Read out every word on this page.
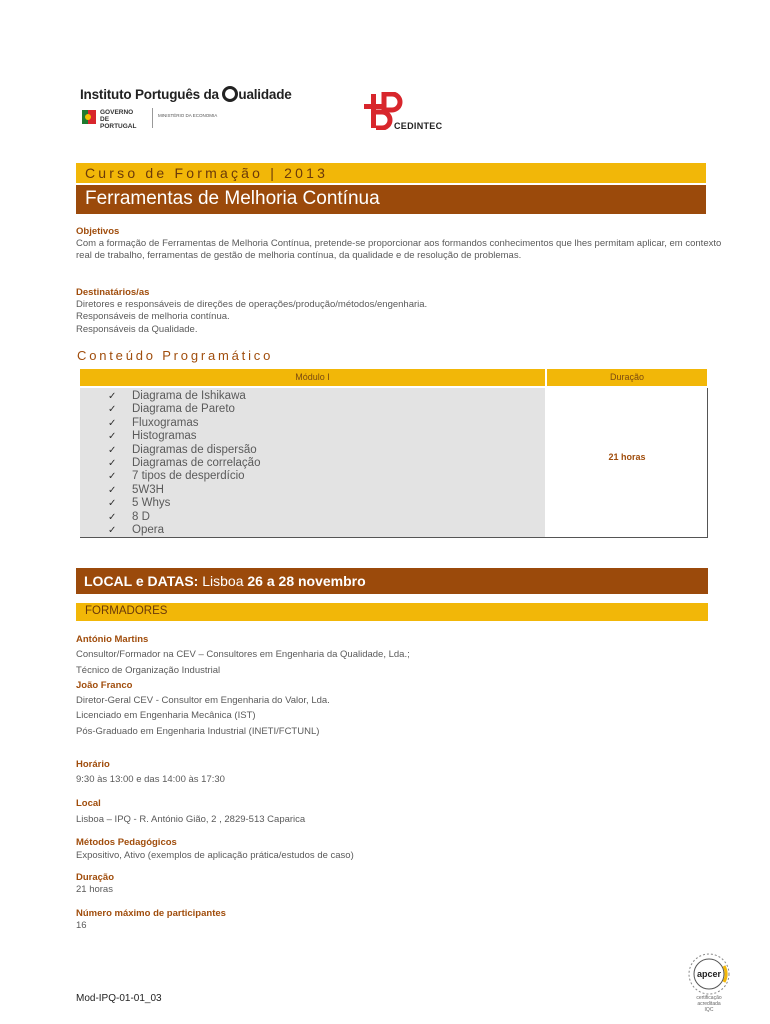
Instituto Português da ualidade
GOVERNO DE
PORTUGAL
MINISTÉRIO DA ECONOMIA
CEDINTEC
Curso de Formação | 2013
Ferramentas de Melhoria Contínua
Objetivos
Com a formação de Ferramentas de Melhoria Contínua, pretende-se proporcionar aos formandos conhecimentos que lhes permitam aplicar, em contexto real de trabalho, ferramentas de gestão de melhoria contínua, da qualidade e de resolução de problemas.
Destinatários/as
Diretores e responsáveis de direções de operações/produção/métodos/engenharia.
Responsáveis de melhoria contínua.
Responsáveis da Qualidade.
Conteúdo Programático
Módulo I	Duração
✓ Diagrama de Ishikawa
✓ Diagrama de Pareto
✓ Fluxogramas
✓ Histogramas
✓ Diagramas de dispersão
✓ Diagramas de correlação
✓ 7 tipos de desperdício
✓ 5W3H
✓ 5 Whys
✓ 8 D
✓ Opera
21 horas
LOCAL e DATAS: Lisboa 26 a 28 novembro
FORMADORES
António Martins
Consultor/Formador na CEV – Consultores em Engenharia da Qualidade, Lda.;
Técnico de Organização Industrial
João Franco
Diretor-Geral CEV - Consultor em Engenharia do Valor, Lda.
Licenciado em Engenharia Mecânica (IST)
Pós-Graduado em Engenharia Industrial (INETI/FCTUNL)
Horário
9:30 às 13:00 e das 14:00 às 17:30
Local
Lisboa – IPQ - R. António Gião, 2 , 2829-513 Caparica
Métodos Pedagógicos
Expositivo, Ativo (exemplos de aplicação prática/estudos de caso)
Duração
21 horas
Número máximo de participantes
16
Mod-IPQ-01-01_03
apcer
certificação
acreditada
IQC
